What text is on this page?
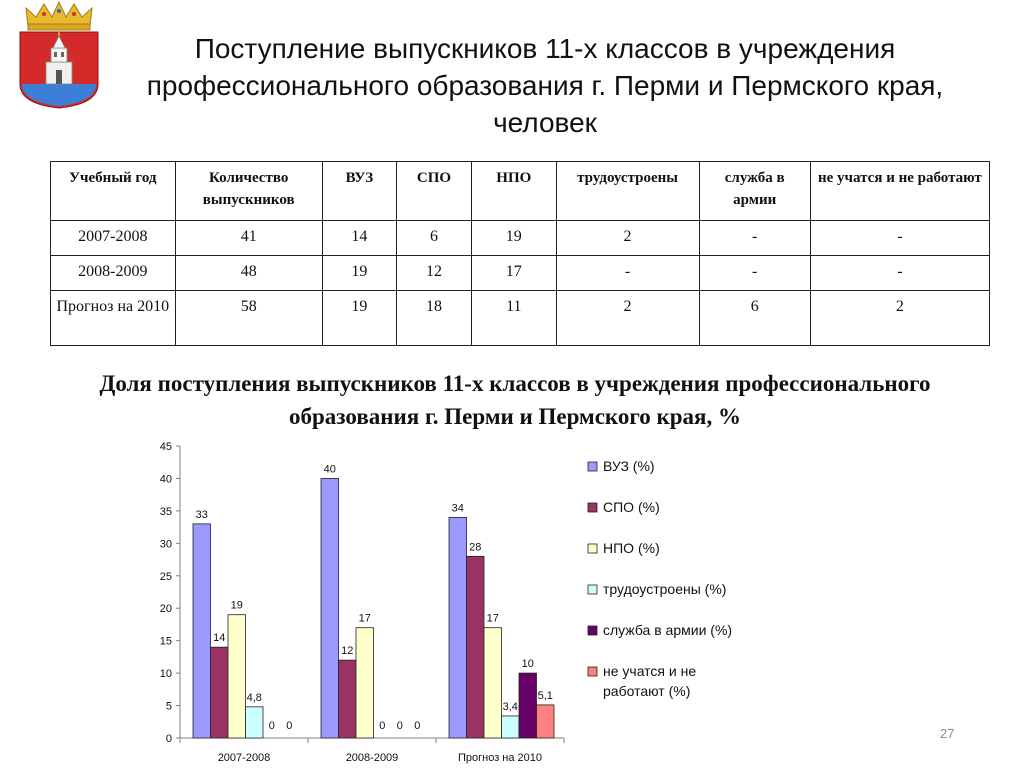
Поступление выпускников 11-х классов в учреждения профессионального образования г. Перми и Пермского края, человек
Учебный год	Количество выпускников	ВУЗ	СПО	НПО	трудоустроены	служба в армии	не учатся и не работают
2007-2008	41	14	6	19	2	-	-
2008-2009	48	19	12	17	-	-	-
Прогноз на 2010	58	19	18	11	2	6	2
Доля поступления выпускников 11-х классов в учреждения профессионального образования г. Перми и Пермского края, %
0
5
10
15
20
25
30
35
40
45
2007-2008	2008-2009	Прогноз на 2010
33
40
34
14
12
28
19
17	17
4,8
0
3,4
0	0
10
0	0
5,1
ВУЗ (%)
СПО (%)
НПО (%)
трудоустроены (%)
служба в армии (%)
не учатся и не работают (%)
27
